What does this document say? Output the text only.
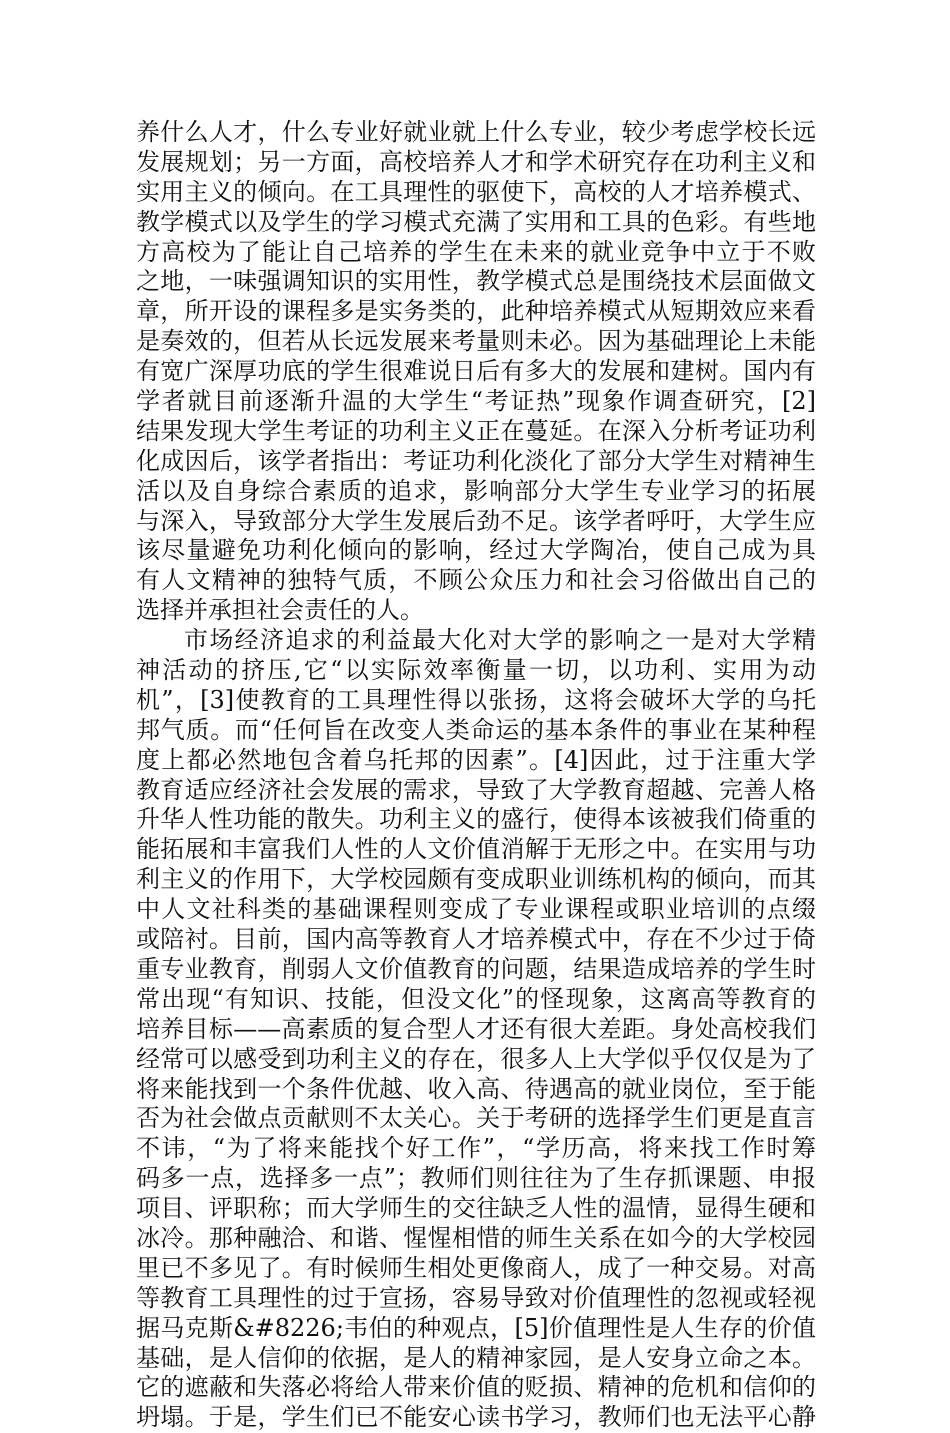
养什么人才，什么专业好就业就上什么专业，较少考虑学校长远
发展规划；另一方面，高校培养人才和学术研究存在功利主义和
实用主义的倾向。在工具理性的驱使下，高校的人才培养模式、
教学模式以及学生的学习模式充满了实用和工具的色彩。有些地
方高校为了能让自己培养的学生在未来的就业竞争中立于不败
之地，一味强调知识的实用性，教学模式总是围绕技术层面做文
章，所开设的课程多是实务类的，此种培养模式从短期效应来看
是奏效的，但若从长远发展来考量则未必。因为基础理论上未能
有宽广深厚功底的学生很难说日后有多大的发展和建树。国内有
学者就目前逐渐升温的大学生“考证热”现象作调查研究，[2]
结果发现大学生考证的功利主义正在蔓延。在深入分析考证功利
化成因后，该学者指出：考证功利化淡化了部分大学生对精神生
活以及自身综合素质的追求，影响部分大学生专业学习的拓展
与深入，导致部分大学生发展后劲不足。该学者呼吁，大学生应
该尽量避免功利化倾向的影响，经过大学陶冶，使自己成为具
有人文精神的独特气质，不顾公众压力和社会习俗做出自己的
选择并承担社会责任的人。
市场经济追求的利益最大化对大学的影响之一是对大学精
神活动的挤压,它“以实际效率衡量一切，以功利、实用为动
机”，[3]使教育的工具理性得以张扬，这将会破坏大学的乌托
邦气质。而“任何旨在改变人类命运的基本条件的事业在某种程
度上都必然地包含着乌托邦的因素”。[4]因此，过于注重大学
教育适应经济社会发展的需求，导致了大学教育超越、完善人格
升华人性功能的散失。功利主义的盛行，使得本该被我们倚重的
能拓展和丰富我们人性的人文价值消解于无形之中。在实用与功
利主义的作用下，大学校园颇有变成职业训练机构的倾向，而其
中人文社科类的基础课程则变成了专业课程或职业培训的点缀
或陪衬。目前，国内高等教育人才培养模式中，存在不少过于倚
重专业教育，削弱人文价值教育的问题，结果造成培养的学生时
常出现“有知识、技能，但没文化”的怪现象，这离高等教育的
培养目标——高素质的复合型人才还有很大差距。身处高校我们
经常可以感受到功利主义的存在，很多人上大学似乎仅仅是为了
将来能找到一个条件优越、收入高、待遇高的就业岗位，至于能
否为社会做点贡献则不太关心。关于考研的选择学生们更是直言
不讳，“为了将来能找个好工作”，“学历高，将来找工作时筹
码多一点，选择多一点”；教师们则往往为了生存抓课题、申报
项目、评职称；而大学师生的交往缺乏人性的温情，显得生硬和
冰冷。那种融洽、和谐、惺惺相惜的师生关系在如今的大学校园
里已不多见了。有时候师生相处更像商人，成了一种交易。对高
等教育工具理性的过于宣扬，容易导致对价值理性的忽视或轻视
据马克斯&#8226;韦伯的种观点，[5]价值理性是人生存的价值
基础，是人信仰的依据，是人的精神家园，是人安身立命之本。
它的遮蔽和失落必将给人带来价值的贬损、精神的危机和信仰的
坍塌。于是，学生们已不能安心读书学习，教师们也无法平心静
